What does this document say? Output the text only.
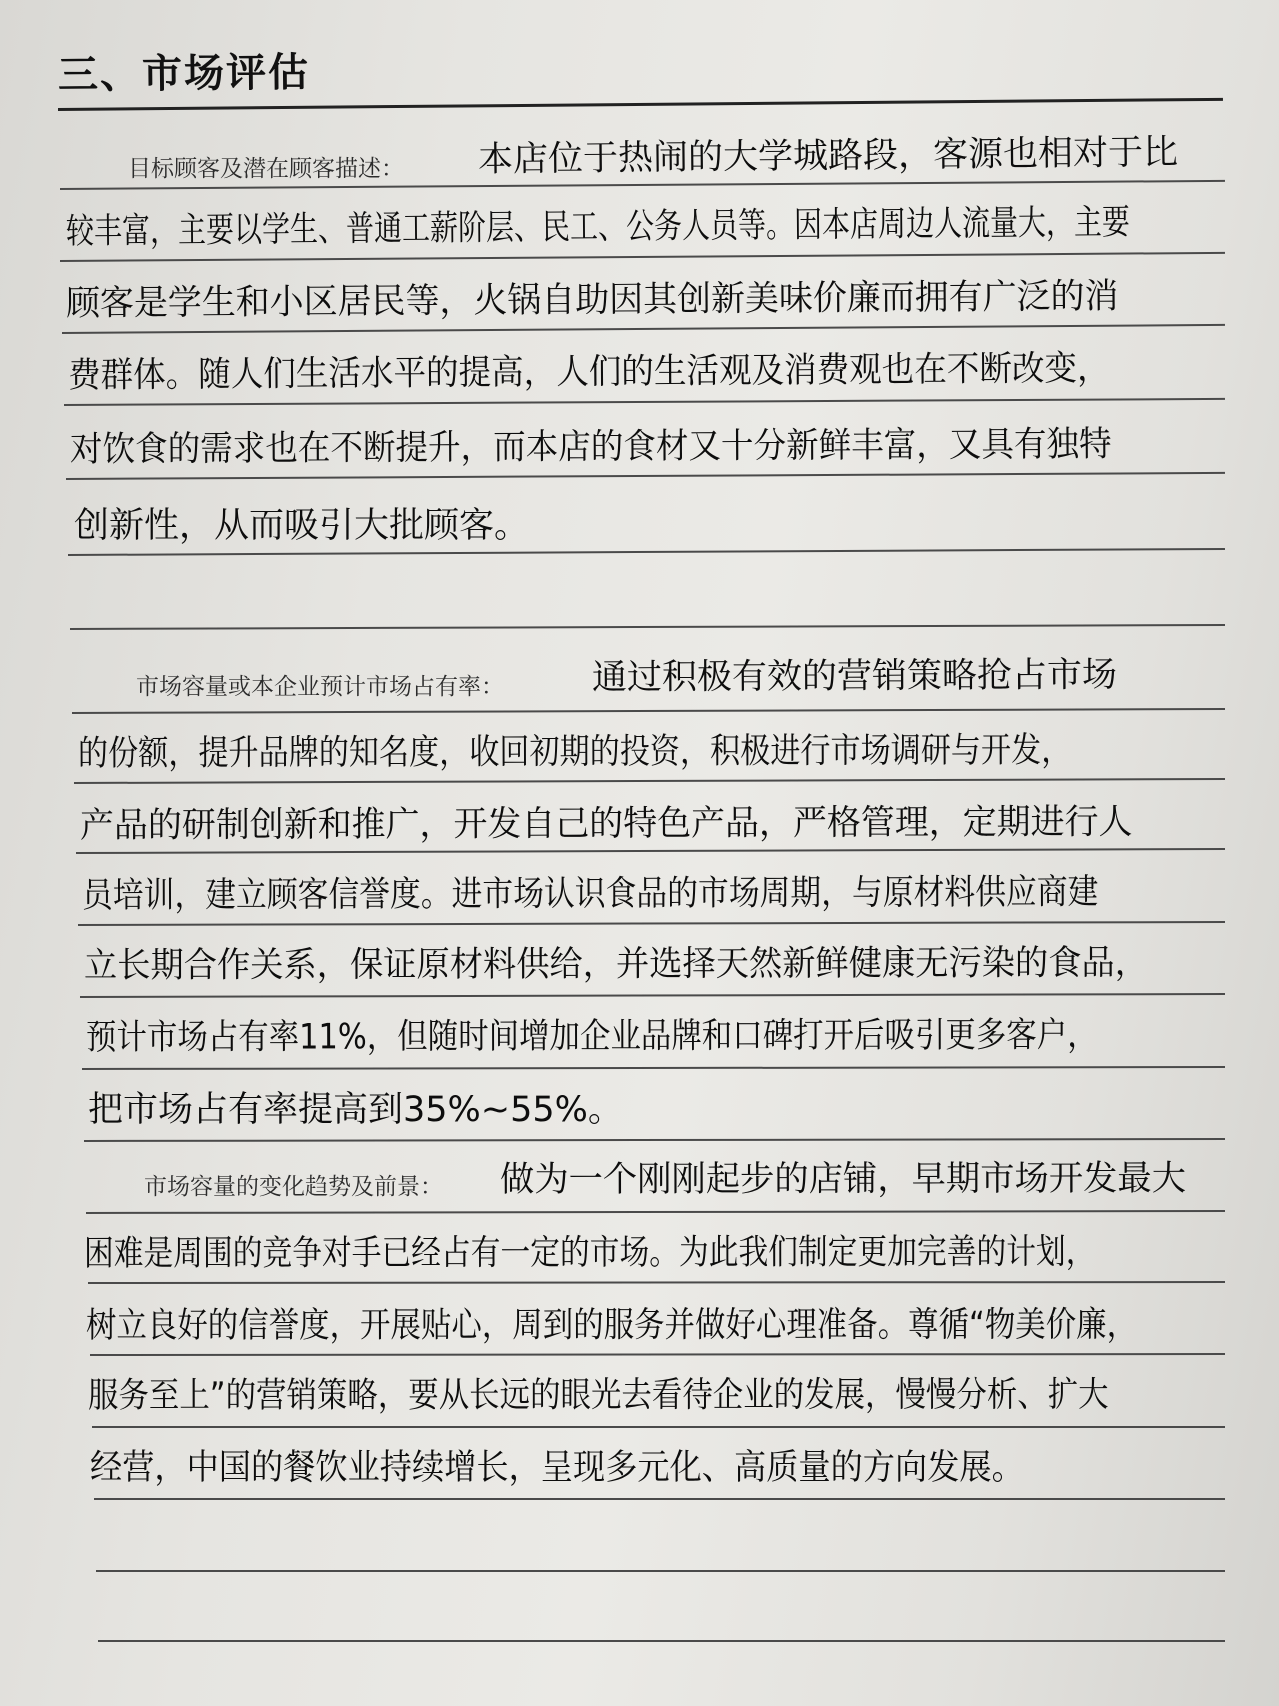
三、市场评估
目标顾客及潜在顾客描述： 本店位于热闹的大学城路段，客源也相对于比
较丰富，主要以学生、普通工薪阶层、民工、公务人员等。因本店周边人流量大，主要
顾客是学生和小区居民等，火锅自助因其创新美味价廉而拥有广泛的消
费群体。随人们生活水平的提高，人们的生活观及消费观也在不断改变，
对饮食的需求也在不断提升，而本店的食材又十分新鲜丰富，又具有独特
创新性，从而吸引大批顾客。
市场容量或本企业预计市场占有率：	通过积极有效的营销策略抢占市场
的份额，提升品牌的知名度，收回初期的投资，积极进行市场调研与开发，
产品的研制创新和推广，开发自己的特色产品，严格管理，定期进行人
员培训，建立顾客信誉度。进市场认识食品的市场周期，与原材料供应商建
立长期合作关系，保证原材料供给，并选择天然新鲜健康无污染的食品，
预计市场占有率11%，但随时间增加企业品牌和口碑打开后吸引更多客户，
把市场占有率提高到35%~55%。
市场容量的变化趋势及前景： 做为一个刚刚起步的店铺，早期市场开发最大
困难是周围的竞争对手已经占有一定的市场。为此我们制定更加完善的计划，
树立良好的信誉度，开展贴心，周到的服务并做好心理准备。尊循“物美价廉，
服务至上”的营销策略，要从长远的眼光去看待企业的发展，慢慢分析、扩大
经营，中国的餐饮业持续增长，呈现多元化、高质量的方向发展。
